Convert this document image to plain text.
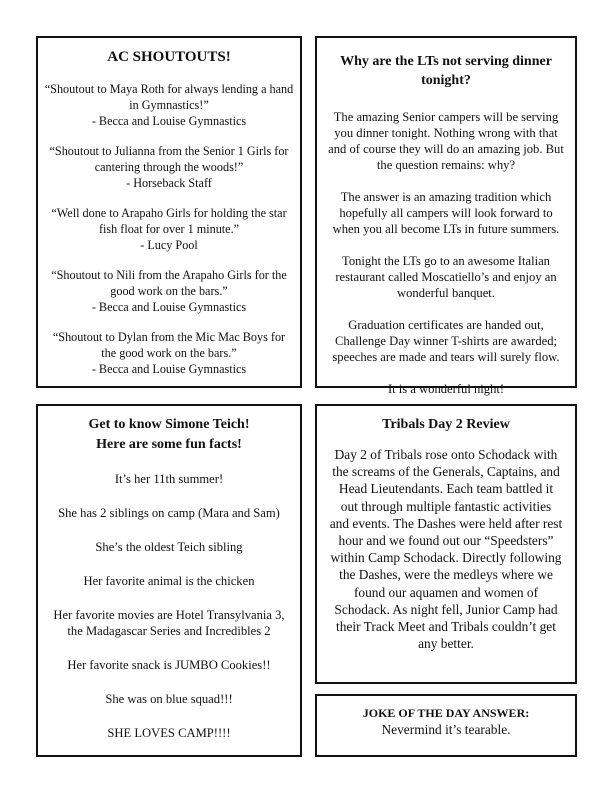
AC SHOUTOUTS!

“Shoutout to Maya Roth for always lending a hand
in Gymnastics!”
- Becca and Louise Gymnastics

“Shoutout to Julianna from the Senior 1 Girls for
cantering through the woods!”
- Horseback Staff

“Well done to Arapaho Girls for holding the star
fish float for over 1 minute.”
- Lucy Pool

“Shoutout to Nili from the Arapaho Girls for the
good work on the bars.”
- Becca and Louise Gymnastics

“Shoutout to Dylan from the Mic Mac Boys for
the good work on the bars.”
- Becca and Louise Gymnastics

Why are the LTs not serving dinner
tonight?

The amazing Senior campers will be serving
you dinner tonight. Nothing wrong with that
and of course they will do an amazing job. But
the question remains: why?

The answer is an amazing tradition which
hopefully all campers will look forward to
when you all become LTs in future summers.

Tonight the LTs go to an awesome Italian
restaurant called Moscatiello’s and enjoy an
wonderful banquet.

Graduation certificates are handed out,
Challenge Day winner T-shirts are awarded;
speeches are made and tears will surely flow.

It is a wonderful night!

Get to know Simone Teich!
Here are some fun facts!

It’s her 11th summer!

She has 2 siblings on camp (Mara and Sam)

She’s the oldest Teich sibling

Her favorite animal is the chicken

Her favorite movies are Hotel Transylvania 3,
the Madagascar Series and Incredibles 2

Her favorite snack is JUMBO Cookies!!

She was on blue squad!!!

SHE LOVES CAMP!!!!

Tribals Day 2 Review

Day 2 of Tribals rose onto Schodack with
the screams of the Generals, Captains, and
Head Lieutendants. Each team battled it
out through multiple fantastic activities
and events. The Dashes were held after rest
hour and we found out our “Speedsters”
within Camp Schodack. Directly following
the Dashes, were the medleys where we
found our aquamen and women of
Schodack. As night fell, Junior Camp had
their Track Meet and Tribals couldn’t get
any better.

JOKE OF THE DAY ANSWER:

Nevermind it’s tearable.
